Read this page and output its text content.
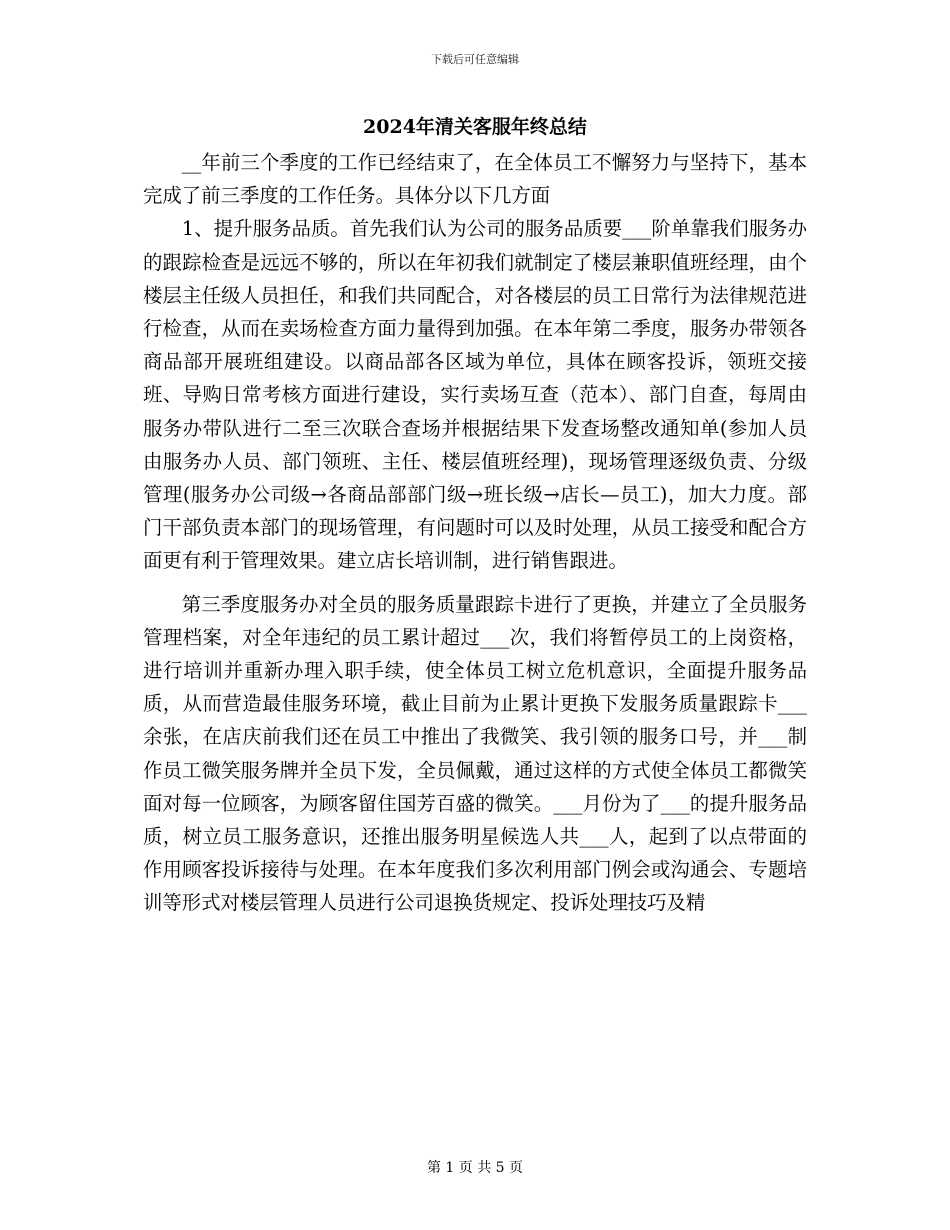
下载后可任意编辑
2024年清关客服年终总结

__年前三个季度的工作已经结束了，在全体员工不懈努力与坚持下，基本完成了前三季度的工作任务。具体分以下几方面

1、提升服务品质。首先我们认为公司的服务品质要___阶单靠我们服务办的跟踪检查是远远不够的，所以在年初我们就制定了楼层兼职值班经理，由个楼层主任级人员担任，和我们共同配合，对各楼层的员工日常行为法律规范进行检查，从而在卖场检查方面力量得到加强。在本年第二季度，服务办带领各商品部开展班组建设。以商品部各区域为单位，具体在顾客投诉，领班交接班、导购日常考核方面进行建设，实行卖场互查（范本）、部门自查，每周由服务办带队进行二至三次联合查场并根据结果下发查场整改通知单(参加人员由服务办人员、部门领班、主任、楼层值班经理)，现场管理逐级负责、分级管理(服务办公司级→各商品部部门级→班长级→店长—员工)，加大力度。部门干部负责本部门的现场管理，有问题时可以及时处理，从员工接受和配合方面更有利于管理效果。建立店长培训制，进行销售跟进。

第三季度服务办对全员的服务质量跟踪卡进行了更换，并建立了全员服务管理档案，对全年违纪的员工累计超过___次，我们将暂停员工的上岗资格，进行培训并重新办理入职手续，使全体员工树立危机意识，全面提升服务品质，从而营造最佳服务环境，截止目前为止累计更换下发服务质量跟踪卡___余张，在店庆前我们还在员工中推出了我微笑、我引领的服务口号，并___制作员工微笑服务牌并全员下发，全员佩戴，通过这样的方式使全体员工都微笑面对每一位顾客，为顾客留住国芳百盛的微笑。___月份为了___的提升服务品质，树立员工服务意识，还推出服务明星候选人共___人，起到了以点带面的作用顾客投诉接待与处理。在本年度我们多次利用部门例会或沟通会、专题培训等形式对楼层管理人员进行公司退换货规定、投诉处理技巧及精

第 1 页 共 5 页
